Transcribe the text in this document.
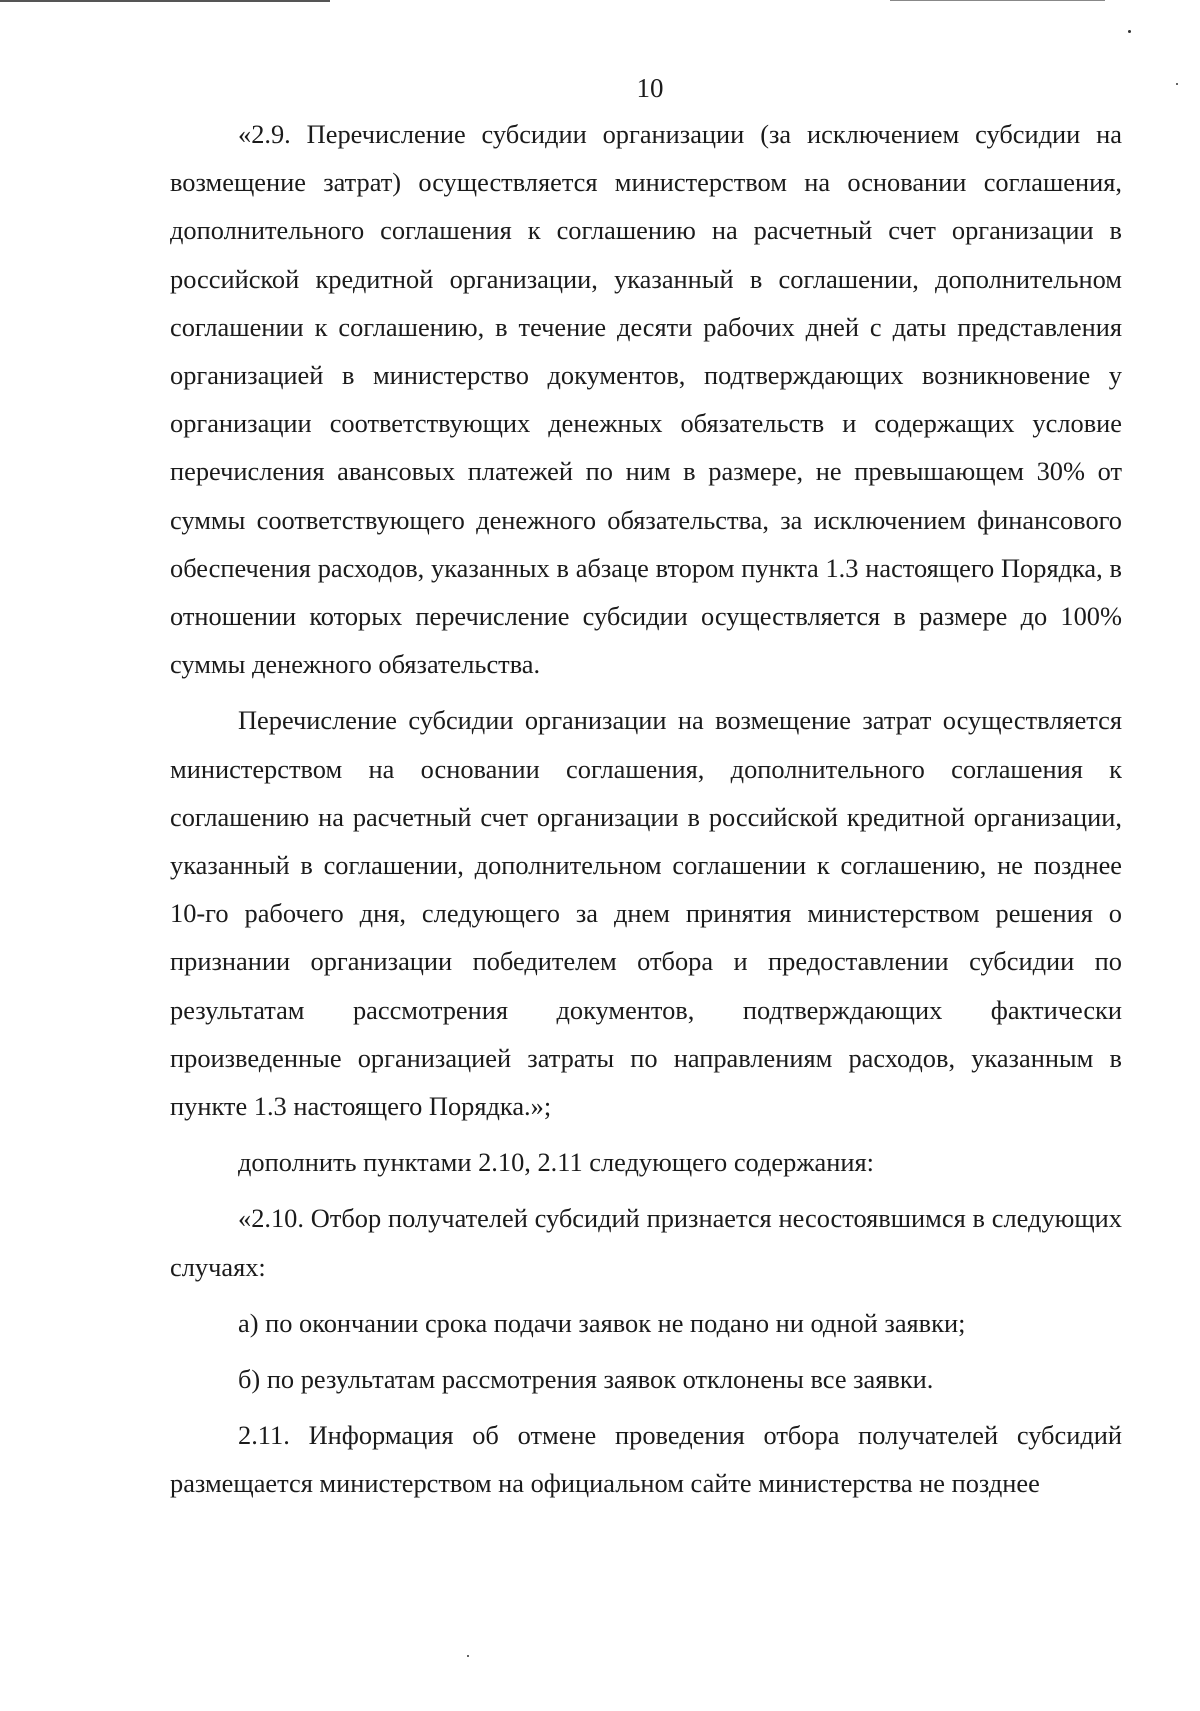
10

«2.9. Перечисление субсидии организации (за исключением субсидии на возмещение затрат) осуществляется министерством на основании соглашения, дополнительного соглашения к соглашению на расчетный счет организации в российской кредитной организации, указанный в соглашении, дополнительном соглашении к соглашению, в течение десяти рабочих дней с даты представления организацией в министерство документов, подтверждающих возникновение у организации соответствующих денежных обязательств и содержащих условие перечисления авансовых платежей по ним в размере, не превышающем 30% от суммы соответствующего денежного обязательства, за исключением финансового обеспечения расходов, указанных в абзаце втором пункта 1.3 настоящего Порядка, в отношении которых перечисление субсидии осуществляется в размере до 100% суммы денежного обязательства.

Перечисление субсидии организации на возмещение затрат осуществляется министерством на основании соглашения, дополнительного соглашения к соглашению на расчетный счет организации в российской кредитной организации, указанный в соглашении, дополнительном соглашении к соглашению, не позднее 10-го рабочего дня, следующего за днем принятия министерством решения о признании организации победителем отбора и предоставлении субсидии по результатам рассмотрения документов, подтверждающих фактически произведенные организацией затраты по направлениям расходов, указанным в пункте 1.3 настоящего Порядка.»;

дополнить пунктами 2.10, 2.11 следующего содержания:

«2.10. Отбор получателей субсидий признается несостоявшимся в следующих случаях:

а) по окончании срока подачи заявок не подано ни одной заявки;

б) по результатам рассмотрения заявок отклонены все заявки.

2.11. Информация об отмене проведения отбора получателей субсидий размещается министерством на официальном сайте министерства не позднее
